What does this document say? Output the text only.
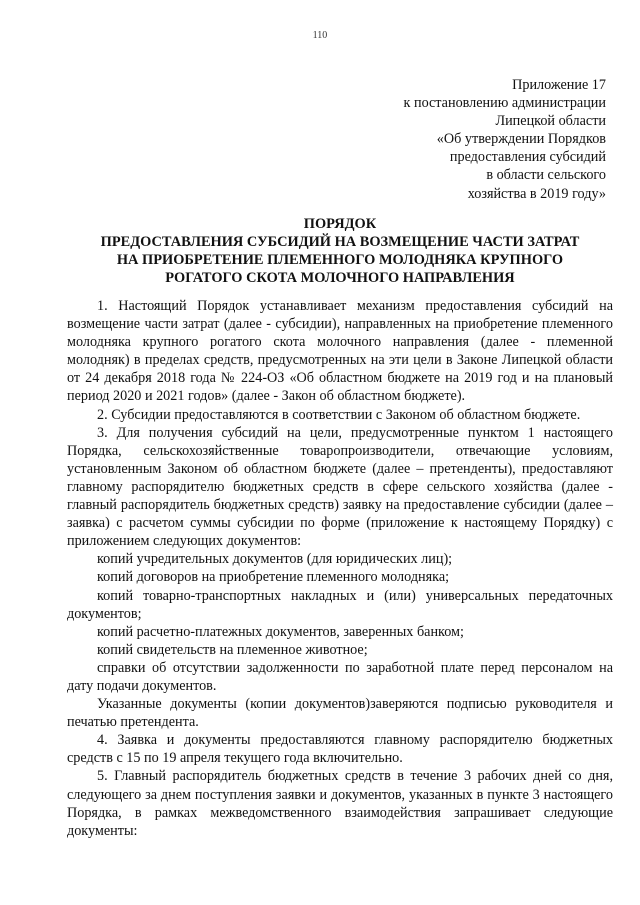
110
Приложение 17
к постановлению администрации
Липецкой области
«Об утверждении Порядков
предоставления субсидий
в области сельского
хозяйства в 2019 году»
ПОРЯДОК
ПРЕДОСТАВЛЕНИЯ СУБСИДИЙ НА ВОЗМЕЩЕНИЕ ЧАСТИ ЗАТРАТ
НА ПРИОБРЕТЕНИЕ ПЛЕМЕННОГО МОЛОДНЯКА КРУПНОГО
РОГАТОГО СКОТА МОЛОЧНОГО НАПРАВЛЕНИЯ

1. Настоящий Порядок устанавливает механизм предоставления субсидий на возмещение части затрат (далее - субсидии), направленных на приобретение племенного молодняка крупного рогатого скота молочного направления (далее - племенной молодняк) в пределах средств, предусмотренных на эти цели в Законе Липецкой области от 24 декабря 2018 года № 224-ОЗ «Об областном бюджете на 2019 год и на плановый период 2020 и 2021 годов» (далее - Закон об областном бюджете).

2. Субсидии предоставляются в соответствии с Законом об областном бюджете.

3. Для получения субсидий на цели, предусмотренные пунктом 1 настоящего Порядка, сельскохозяйственные товаропроизводители, отвечающие условиям, установленным Законом об областном бюджете (далее – претенденты), предоставляют главному распорядителю бюджетных средств в сфере сельского хозяйства (далее - главный распорядитель бюджетных средств) заявку на предоставление субсидии (далее – заявка) с расчетом суммы субсидии по форме (приложение к настоящему Порядку) с приложением следующих документов:

копий учредительных документов (для юридических лиц);

копий договоров на приобретение племенного молодняка;

копий товарно-транспортных накладных и (или) универсальных передаточных документов;

копий расчетно-платежных документов, заверенных банком;

копий свидетельств на племенное животное;

справки об отсутствии задолженности по заработной плате перед персоналом на дату подачи документов.

Указанные документы (копии документов)заверяются подписью руководителя и печатью претендента.

4. Заявка и документы предоставляются главному распорядителю бюджетных средств с 15 по 19 апреля текущего года включительно.

5. Главный распорядитель бюджетных средств в течение 3 рабочих дней со дня, следующего за днем поступления заявки и документов, указанных в пункте 3 настоящего Порядка, в рамках межведомственного взаимодействия запрашивает следующие документы:
